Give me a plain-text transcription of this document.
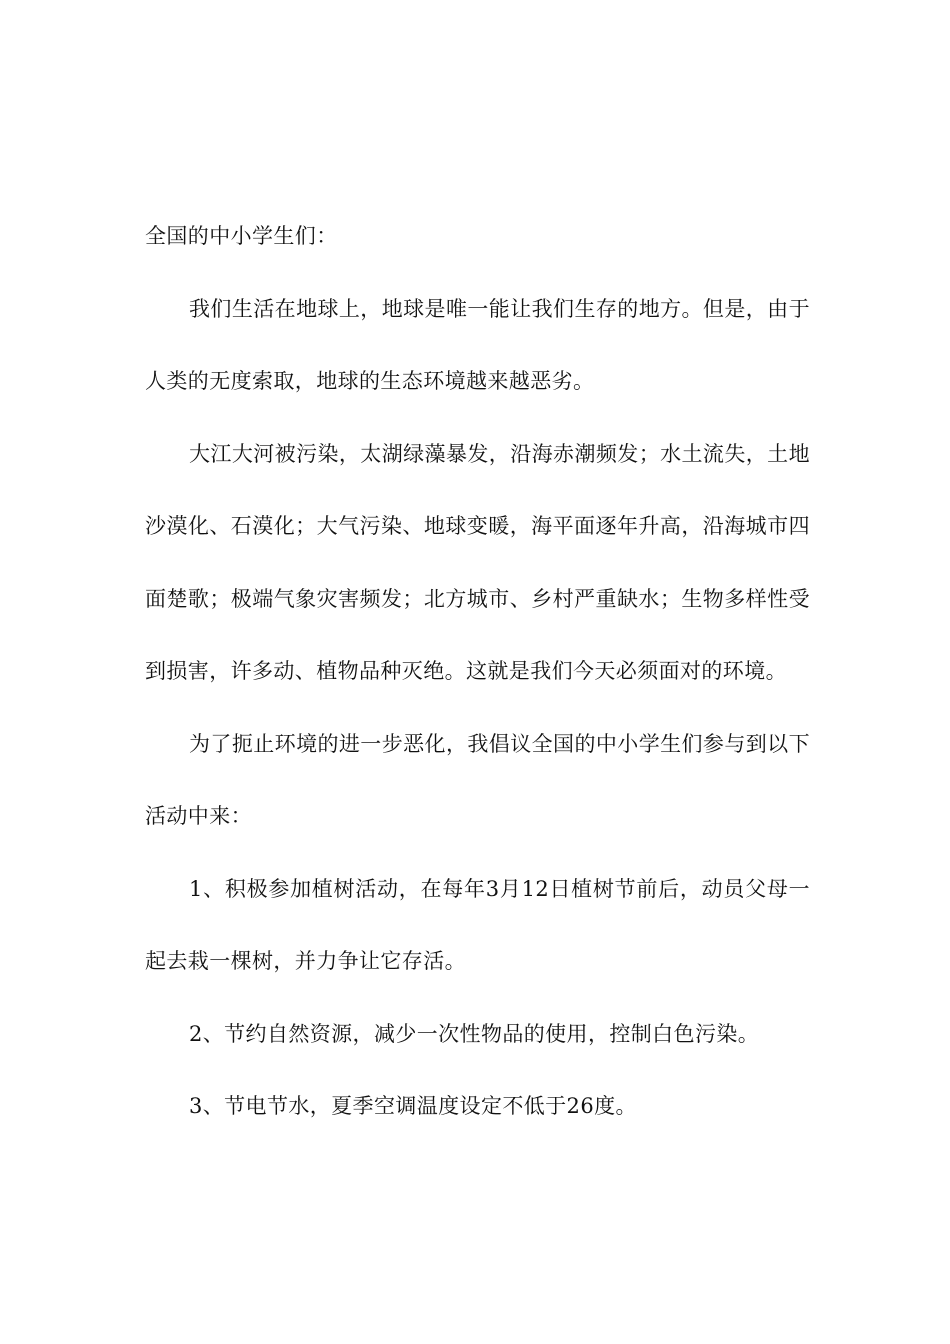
全国的中小学生们：

我们生活在地球上，地球是唯一能让我们生存的地方。但是，由于人类的无度索取，地球的生态环境越来越恶劣。

大江大河被污染，太湖绿藻暴发，沿海赤潮频发；水土流失，土地沙漠化、石漠化；大气污染、地球变暖，海平面逐年升高，沿海城市四面楚歌；极端气象灾害频发；北方城市、乡村严重缺水；生物多样性受到损害，许多动、植物品种灭绝。这就是我们今天必须面对的环境。

为了扼止环境的进一步恶化，我倡议全国的中小学生们参与到以下活动中来：

1、积极参加植树活动，在每年3月12日植树节前后，动员父母一起去栽一棵树，并力争让它存活。

2、节约自然资源，减少一次性物品的使用，控制白色污染。

3、节电节水，夏季空调温度设定不低于26度。
